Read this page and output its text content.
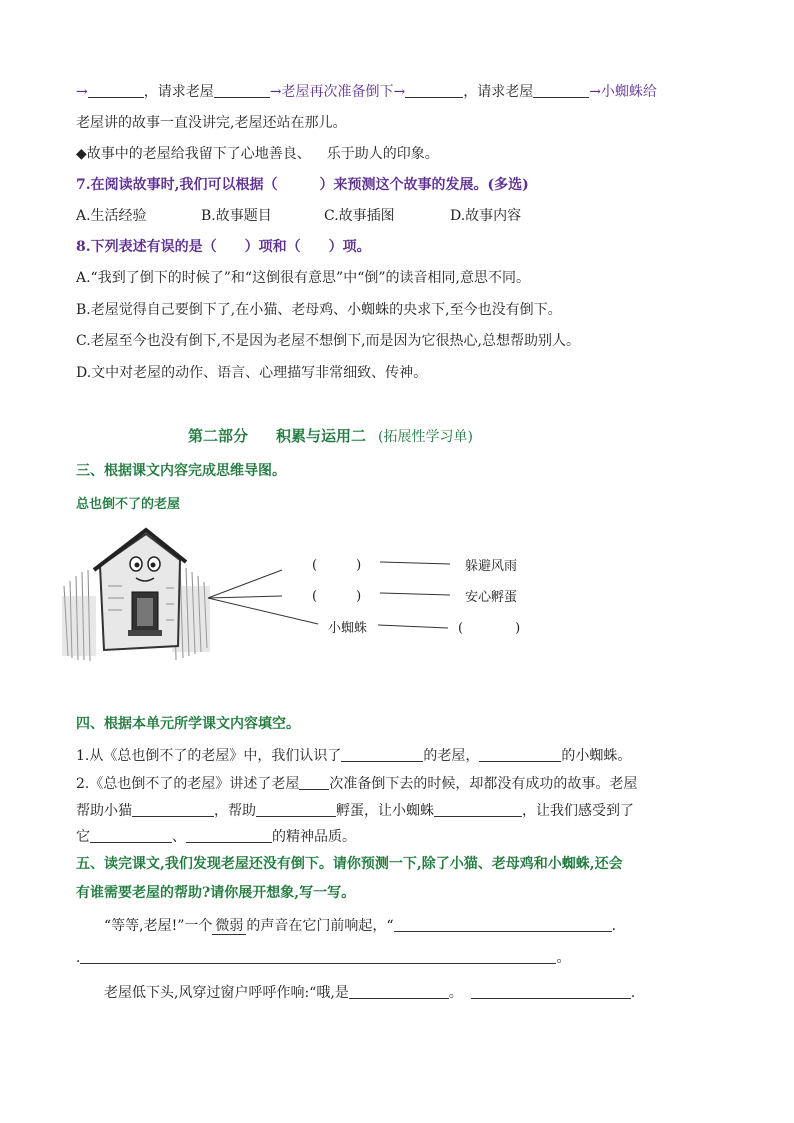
→	，请求老屋	→老屋再次准备倒下→	，请求老屋	→小蜘蛛给
老屋讲的故事一直没讲完,老屋还站在那儿。
◆故事中的老屋给我留下了心地善良、 乐于助人的印象。
7.在阅读故事时,我们可以根据（　　　）来预测这个故事的发展。(多选)
A.生活经验	B.故事题目	C.故事插图	D.故事内容
8.下列表述有误的是（　　）项和（　　）项。
A.“我到了倒下的时候了”和“这倒很有意思”中“倒”的读音相同,意思不同。
B.老屋觉得自己要倒下了,在小猫、老母鸡、小蜘蛛的央求下,至今也没有倒下。
C.老屋至今也没有倒下,不是因为老屋不想倒下,而是因为它很热心,总想帮助别人。
D.文中对老屋的动作、语言、心理描写非常细致、传神。
第二部分 积累与运用二 (拓展性学习单)
三、根据课文内容完成思维导图。
总也倒不了的老屋
(　　　)	躲避风雨
(　　　)	安心孵蛋
小蜘蛛	(　　　　)
四、根据本单元所学课文内容填空。
1.从《总也倒不了的老屋》中，我们认识了	的老屋，	的小蜘蛛。
2.《总也倒不了的老屋》讲述了老屋 次准备倒下去的时候，却都没有成功的故事。老屋
帮助小猫	，帮助	孵蛋，让小蜘蛛	，让我们感受到了
它	、	的精神品质。
五、读完课文,我们发现老屋还没有倒下。请你预测一下,除了小猫、老母鸡和小蜘蛛,还会
有谁需要老屋的帮助?请你展开想象,写一写。
“等等,老屋!”一个 微弱 的声音在它门前响起，“	.
.	。
老屋低下头,风穿过窗户呼呼作响:“哦,是	。	.
